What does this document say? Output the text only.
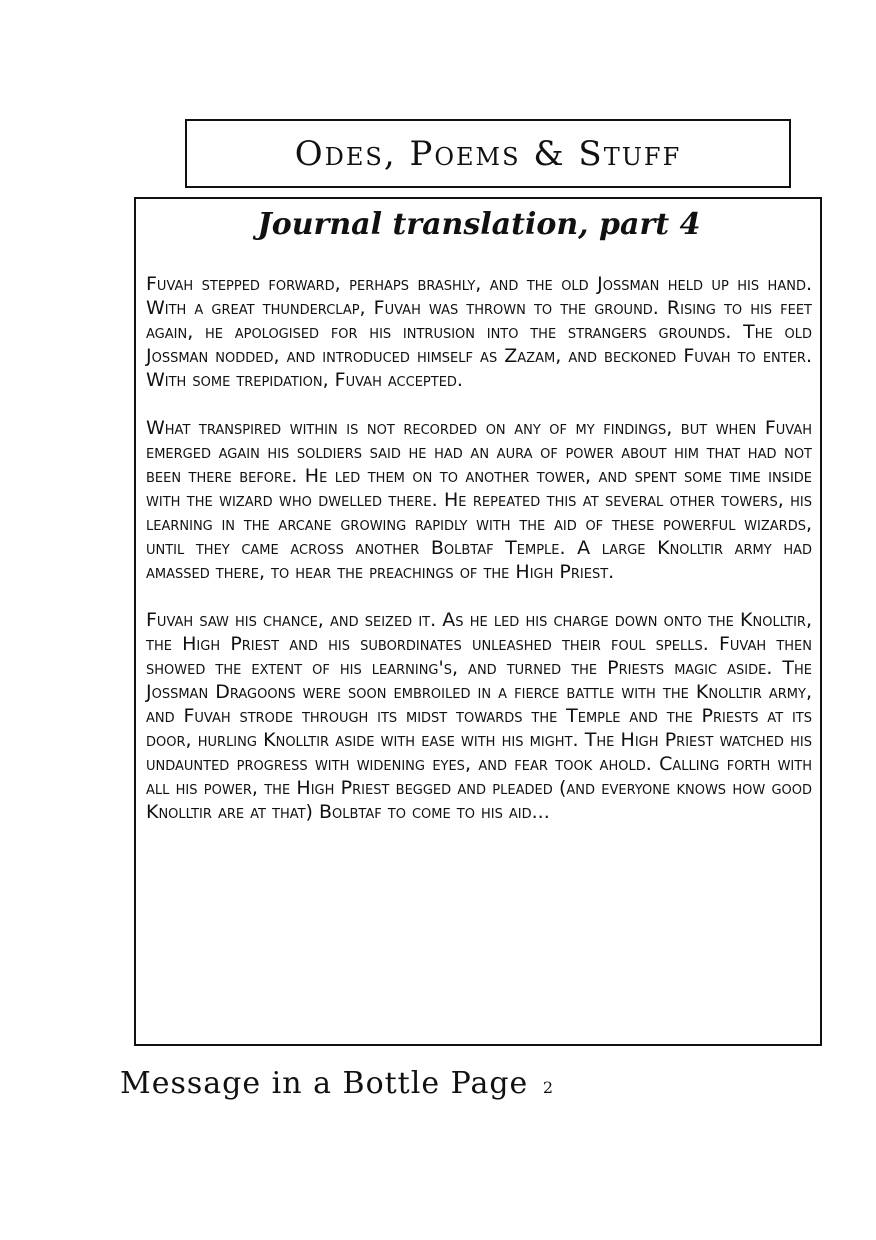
Odes, Poems & Stuff
Journal translation, part 4

Fuvah stepped forward, perhaps brashly, and the old Jossman held up his hand. With a great thunderclap, Fuvah was thrown to the ground. Rising to his feet again, he apologised for his intrusion into the strangers grounds. The old Jossman nodded, and introduced himself as Zazam, and beckoned Fuvah to enter. With some trepidation, Fuvah accepted.

What transpired within is not recorded on any of my findings, but when Fuvah emerged again his soldiers said he had an aura of power about him that had not been there before. He led them on to another tower, and spent some time inside with the wizard who dwelled there. He repeated this at several other towers, his learning in the arcane growing rapidly with the aid of these powerful wizards, until they came across another Bolbtaf Temple. A large Knolltir army had amassed there, to hear the preachings of the High Priest.

Fuvah saw his chance, and seized it. As he led his charge down onto the Knolltir, the High Priest and his subordinates unleashed their foul spells. Fuvah then showed the extent of his learning's, and turned the Priests magic aside. The Jossman Dragoons were soon embroiled in a fierce battle with the Knolltir army, and Fuvah strode through its midst towards the Temple and the Priests at its door, hurling Knolltir aside with ease with his might. The High Priest watched his undaunted progress with widening eyes, and fear took ahold. Calling forth with all his power, the High Priest begged and pleaded (and everyone knows how good Knolltir are at that) Bolbtaf to come to his aid...

Message in a Bottle Page 2
